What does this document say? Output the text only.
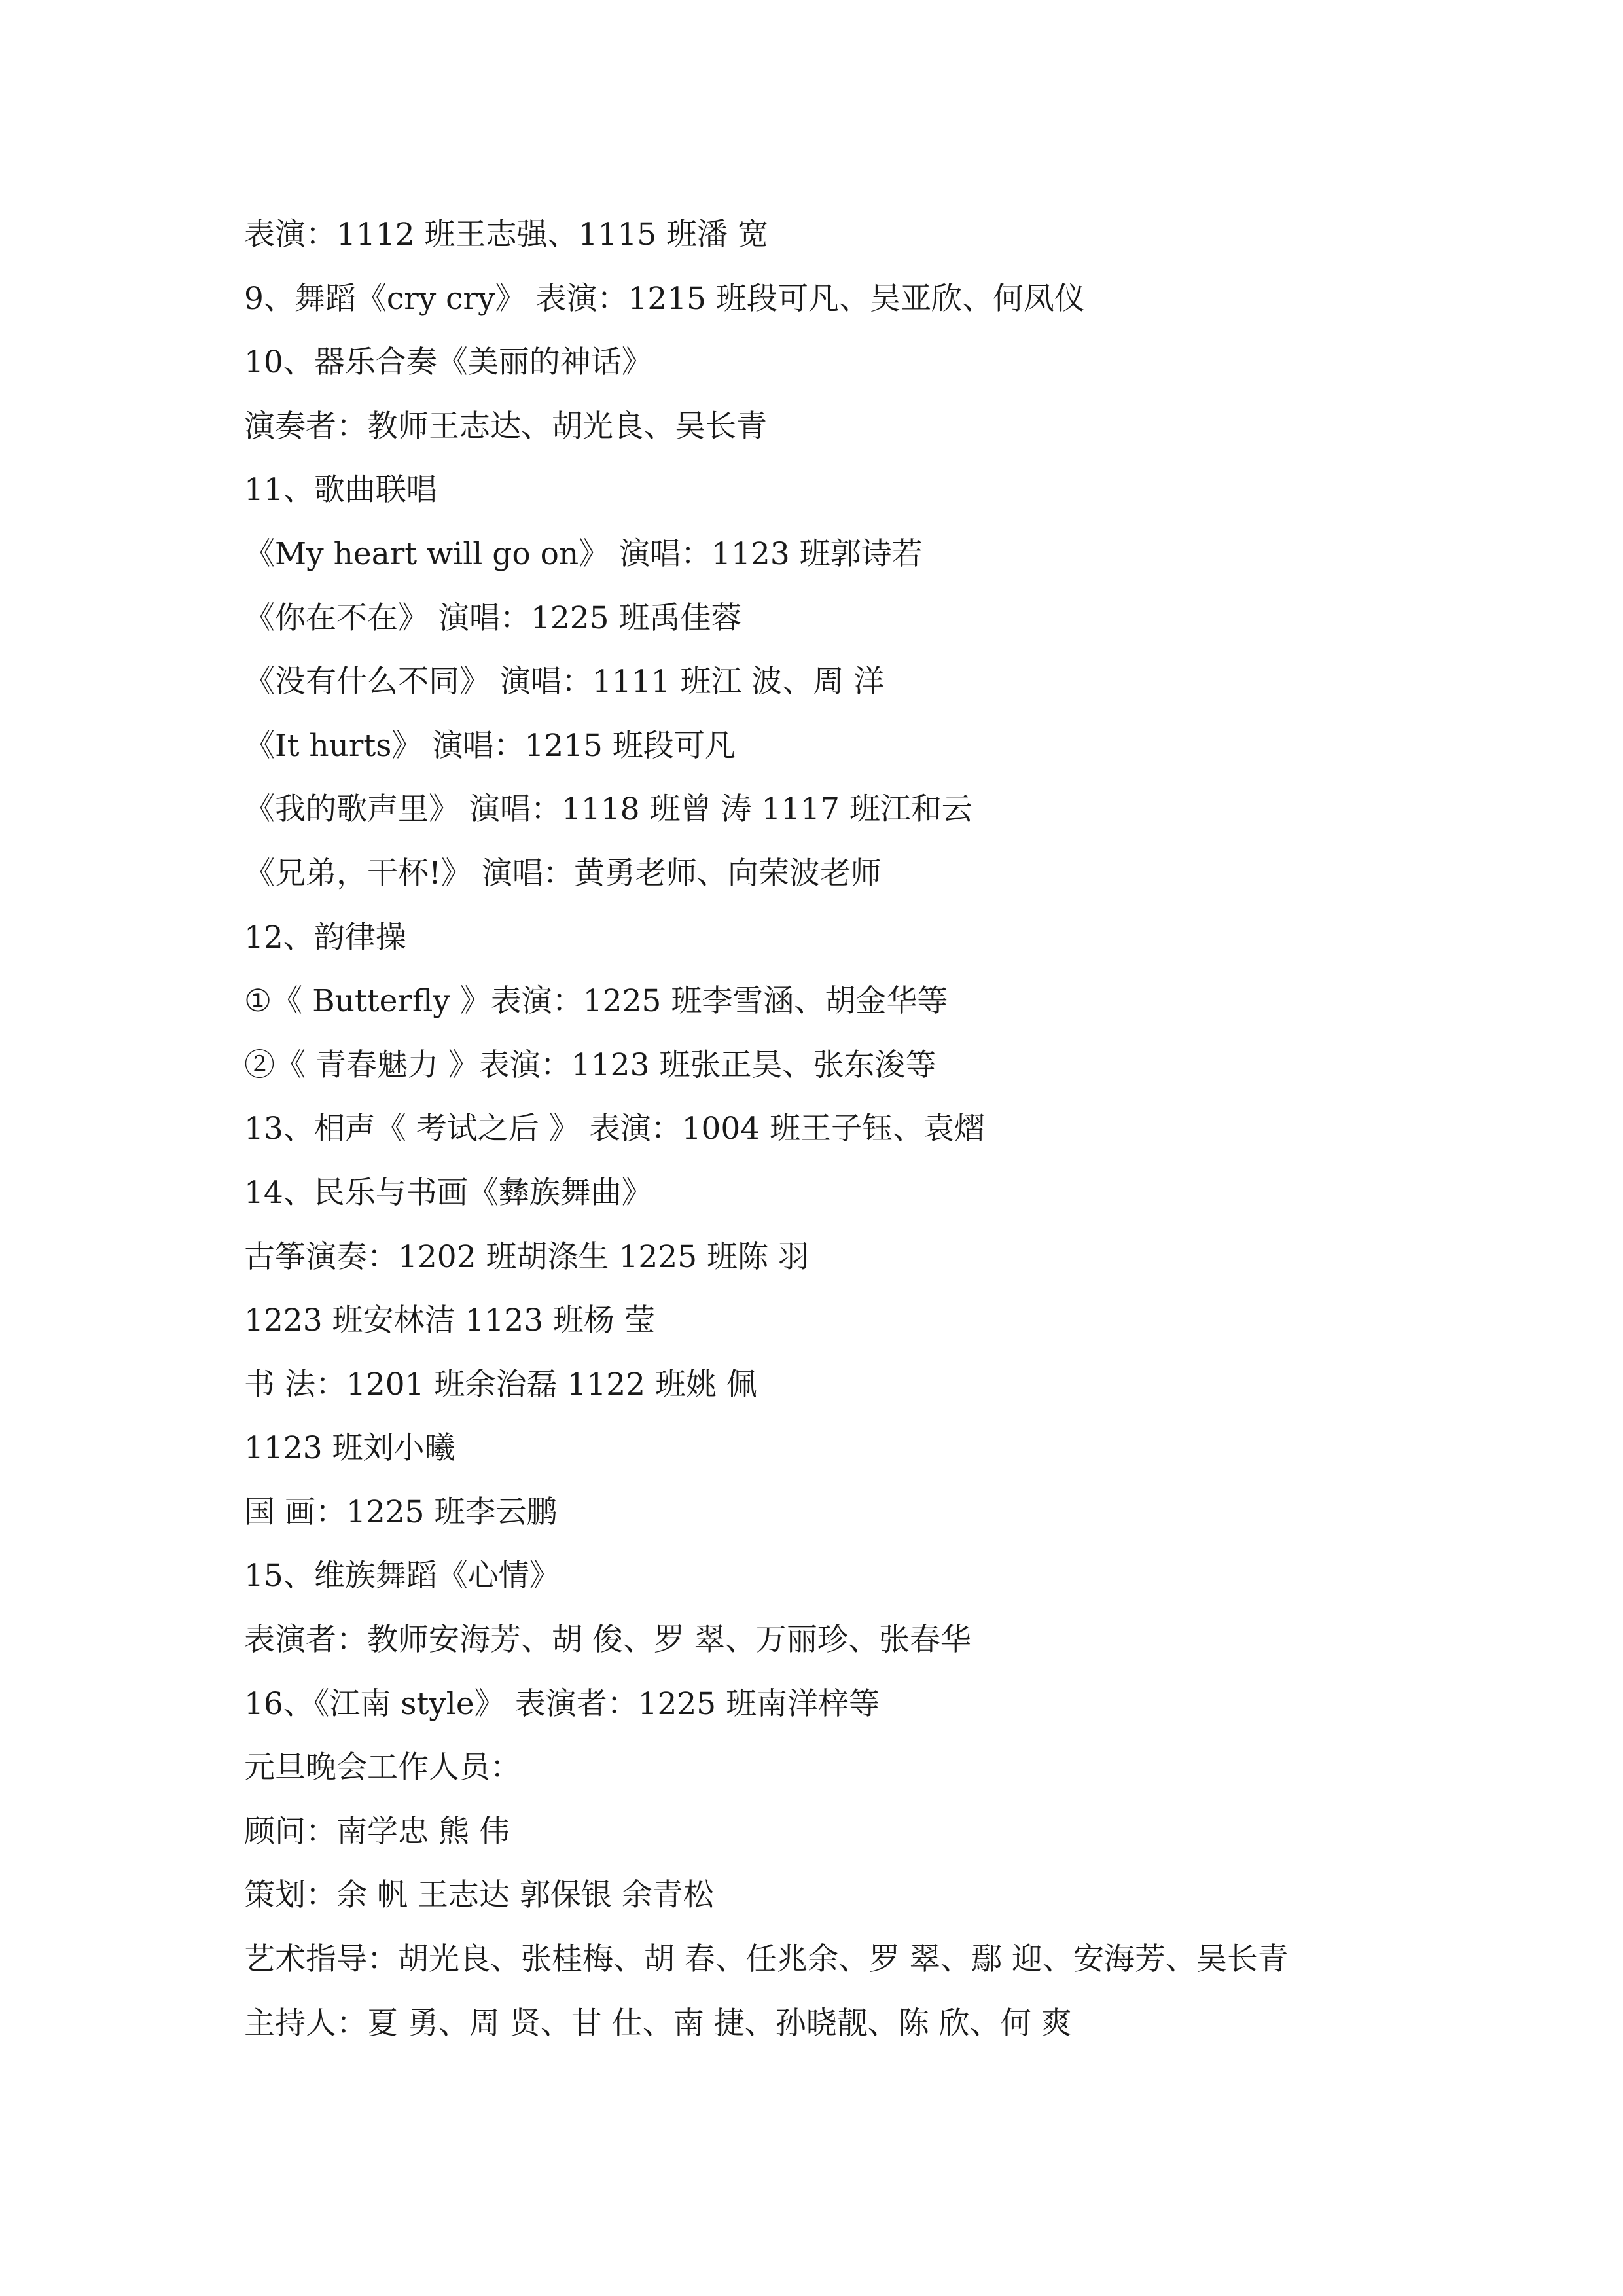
表演：1112 班王志强、1115 班潘 宽
9、舞蹈《cry cry》 表演：1215 班段可凡、吴亚欣、何凤仪
10、器乐合奏《美丽的神话》
演奏者：教师王志达、胡光良、吴长青
11、歌曲联唱
《My heart will go on》 演唱：1123 班郭诗若
《你在不在》 演唱：1225 班禹佳蓉
《没有什么不同》 演唱：1111 班江 波、周 洋
《It hurts》 演唱：1215 班段可凡
《我的歌声里》 演唱：1118 班曾 涛 1117 班江和云
《兄弟，干杯!》 演唱：黄勇老师、向荣波老师
12、韵律操
①《 Butterfly 》表演：1225 班李雪涵、胡金华等
②《 青春魅力 》表演：1123 班张正昊、张东浚等
13、相声《 考试之后 》 表演：1004 班王子钰、袁熠
14、民乐与书画《彝族舞曲》
古筝演奏：1202 班胡涤生 1225 班陈 羽
1223 班安林洁 1123 班杨 莹
书 法：1201 班余治磊 1122 班姚 佩
1123 班刘小曦
国 画：1225 班李云鹏
15、维族舞蹈《心情》
表演者：教师安海芳、胡 俊、罗 翠、万丽珍、张春华
16、《江南 style》 表演者：1225 班南洋梓等
元旦晚会工作人员：
顾问：南学忠 熊 伟
策划：余 帆 王志达 郭保银 余青松
艺术指导：胡光良、张桂梅、胡 春、任兆余、罗 翠、鄢 迎、安海芳、吴长青
主持人：夏 勇、周 贤、甘 仕、南 捷、孙晓靓、陈 欣、何 爽
